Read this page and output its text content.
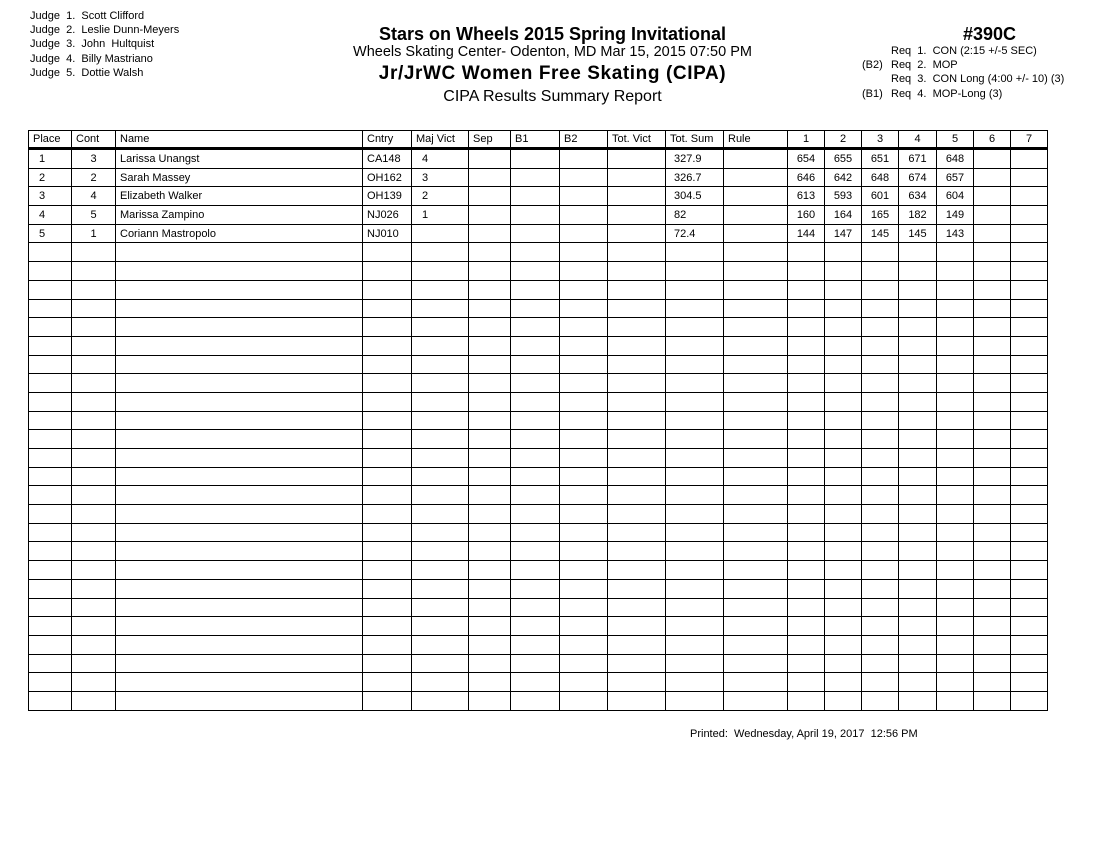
Judge  1.  Scott Clifford
Judge  2.  Leslie Dunn-Meyers
Judge  3.  John  Hultquist
Judge  4.  Billy Mastriano
Judge  5.  Dottie Walsh
Stars on Wheels 2015 Spring Invitational
Wheels Skating Center- Odenton, MD Mar 15, 2015 07:50 PM
Jr/JrWC Women Free Skating (CIPA)
CIPA Results Summary Report
#390C
Req  1.  CON (2:15 +/-5 SEC)
(B2) Req  2.  MOP
Req  3.  CON Long (4:00 +/- 10) (3)
(B1) Req  4.  MOP-Long (3)
Place	Cont	Name	Cntry	Maj Vict	Sep	B1	B2	Tot. Vict	Tot. Sum	Rule	1	2	3	4	5	6	7
1	3	Larissa Unangst	CA148	4					327.9		654	655	651	671	648		
2	2	Sarah Massey	OH162	3					326.7		646	642	648	674	657		
3	4	Elizabeth Walker	OH139	2					304.5		613	593	601	634	604		
4	5	Marissa Zampino	NJ026	1					82		160	164	165	182	149		
5	1	Coriann Mastropolo	NJ010						72.4		144	147	145	145	143		

Printed:  Wednesday, April 19, 2017  12:56 PM
